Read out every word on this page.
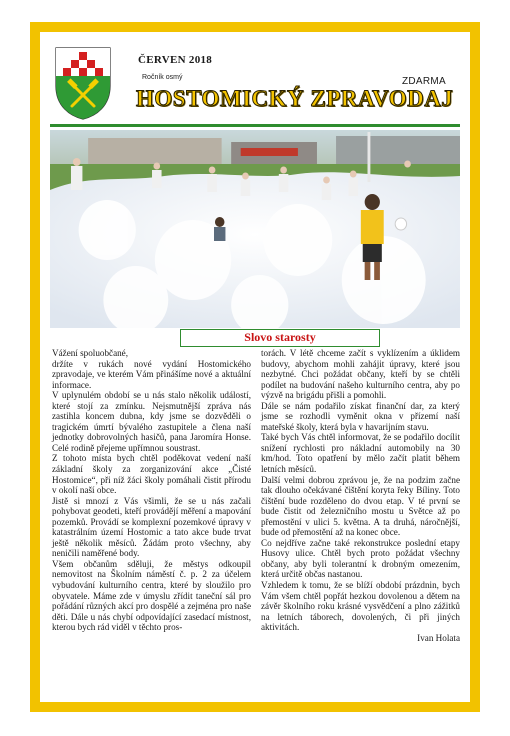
ČERVEN 2018
Ročník osmý	ZDARMA
HOSTOMICKÝ ZPRAVODAJ
Slovo starosty

Vážení spoluobčané,

držíte v rukách nové vydání Hostomického zpravodaje, ve kterém Vám přinášíme nové a aktuální informace.

V uplynulém období se u nás stalo několik událostí, které stojí za zmínku. Nejsmutnější zpráva nás zastihla koncem dubna, kdy jsme se dozvěděli o tragickém úmrtí bývalého zastupitele a člena naší jednotky dobrovolných hasičů, pana Jaromíra Honse. Celé rodině přejeme upřímnou soustrast.

Z tohoto místa bych chtěl poděkovat vedení naší základní školy za zorganizování akce „Čisté Hostomice“, při níž žáci školy pomáhali čistit přírodu v okolí naší obce.

Jistě si mnozí z Vás všimli, že se u nás začali pohybovat geodeti, kteří provádějí měření a mapování pozemků. Provádí se komplexní pozemkové úpravy v katastrálním území Hostomic a tato akce bude trvat ještě několik měsíců. Žádám proto všechny, aby neničili naměřené body.

Všem občanům sděluji, že městys odkoupil nemovitost na Školním náměstí č. p. 2 za účelem vybudování kulturního centra, které by sloužilo pro obyvatele. Máme zde v úmyslu zřídit taneční sál pro pořádání různých akcí pro dospělé a zejména pro naše děti. Dále u nás chybí odpovídající zasedací místnost, kterou bych rád viděl v těchto pros-

torách. V létě chceme začít s vyklízením a úklidem budovy, abychom mohli zahájit úpravy, které jsou nezbytné. Chci požádat občany, kteří by se chtěli podílet na budování našeho kulturního centra, aby po výzvě na brigádu přišli a pomohli.

Dále se nám podařilo získat finanční dar, za který jsme se rozhodli vyměnit okna v přízemí naší mateřské školy, která byla v havarijním stavu.

Také bych Vás chtěl informovat, že se podařilo docílit snížení rychlosti pro nákladní automobily na 30 km/hod. Toto opatření by mělo začít platit během letních měsíců.

Další velmi dobrou zprávou je, že na podzim začne tak dlouho očekávané čištění koryta řeky Bíliny. Toto čištění bude rozděleno do dvou etap. V té první se bude čistit od železničního mostu u Světce až po přemostění v ulici 5. května. A ta druhá, náročnější, bude od přemostění až na konec obce.

Co nejdříve začne také rekonstrukce poslední etapy Husovy ulice. Chtěl bych proto požádat všechny občany, aby byli tolerantní k drobným omezením, která určitě občas nastanou.

Vzhledem k tomu, že se blíží období prázdnin, bych Vám všem chtěl popřát hezkou dovolenou a dětem na závěr školního roku krásné vysvědčení a plno zážitků na letních táborech, dovolených, či při jiných aktivitách.

Ivan Holata
